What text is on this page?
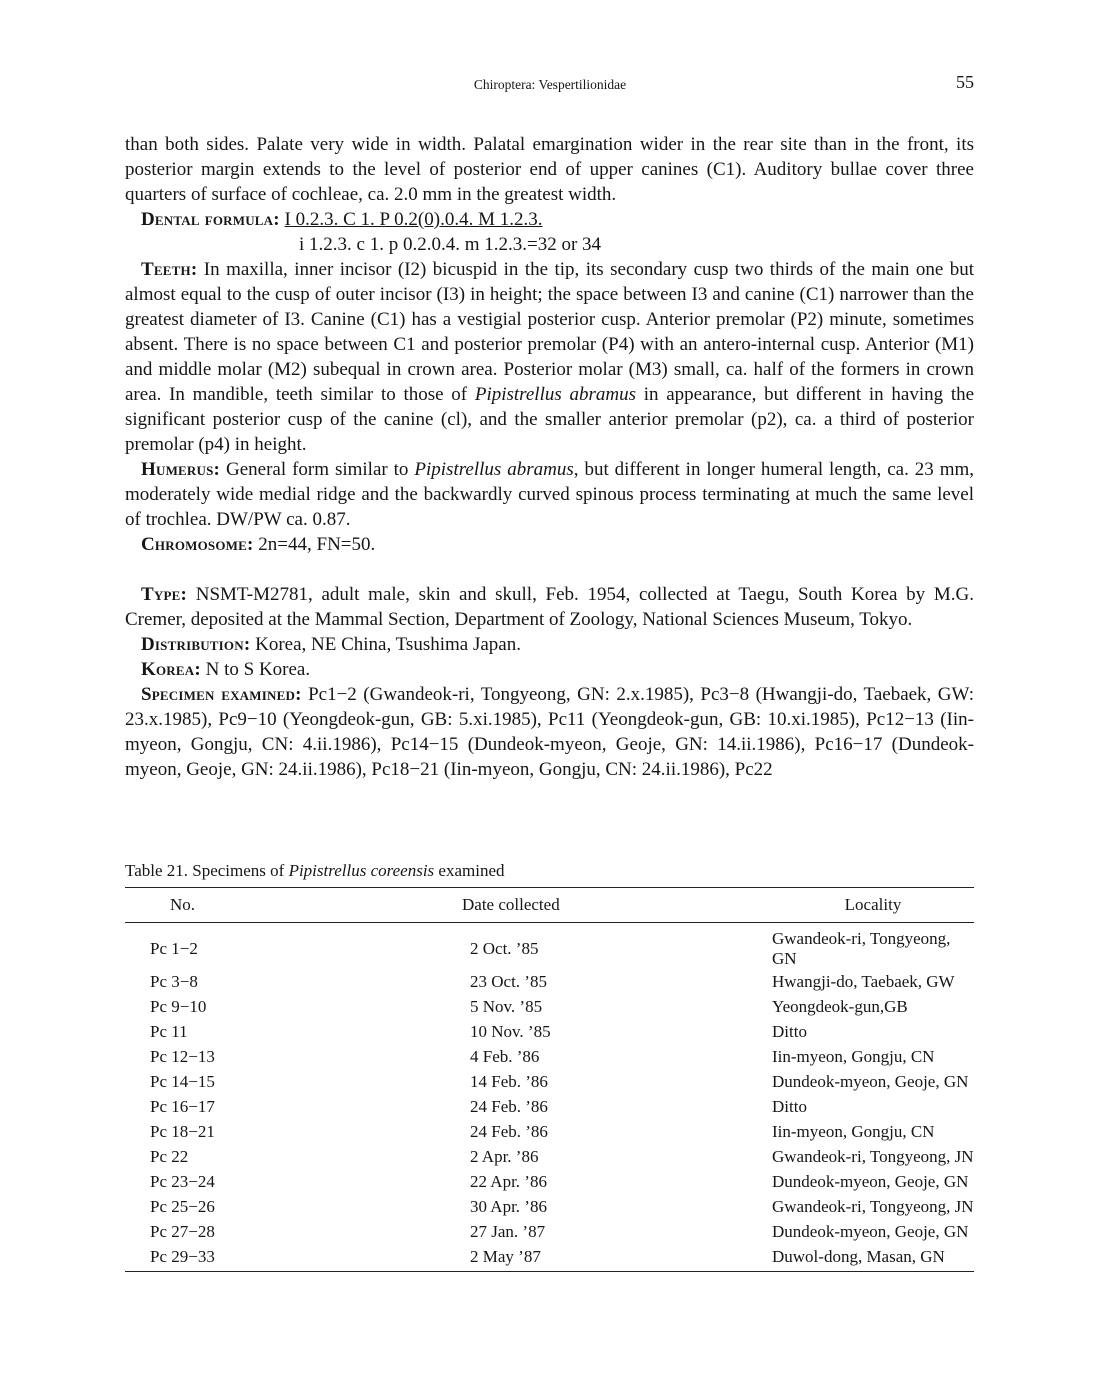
Chiroptera: Vespertilionidae	55

than both sides. Palate very wide in width. Palatal emargination wider in the rear site than in the front, its posterior margin extends to the level of posterior end of upper canines (C1). Auditory bullae cover three quarters of surface of cochleae, ca. 2.0 mm in the greatest width.

Dental formula: I 0.2.3. C 1. P 0.2(0).0.4. M 1.2.3.

i 1.2.3. c 1. p 0.2.0.4. m 1.2.3.=32 or 34

Teeth: In maxilla, inner incisor (I2) bicuspid in the tip, its secondary cusp two thirds of the main one but almost equal to the cusp of outer incisor (I3) in height; the space between I3 and canine (C1) narrower than the greatest diameter of I3. Canine (C1) has a vestigial posterior cusp. Anterior premolar (P2) minute, sometimes absent. There is no space between C1 and posterior premolar (P4) with an antero-internal cusp. Anterior (M1) and middle molar (M2) subequal in crown area. Posterior molar (M3) small, ca. half of the formers in crown area. In mandible, teeth similar to those of Pipistrellus abramus in appearance, but different in having the significant posterior cusp of the canine (cl), and the smaller anterior premolar (p2), ca. a third of posterior premolar (p4) in height.

Humerus: General form similar to Pipistrellus abramus, but different in longer humeral length, ca. 23 mm, moderately wide medial ridge and the backwardly curved spinous process terminating at much the same level of trochlea. DW/PW ca. 0.87.

Chromosome: 2n=44, FN=50.

Type: NSMT-M2781, adult male, skin and skull, Feb. 1954, collected at Taegu, South Korea by M.G. Cremer, deposited at the Mammal Section, Department of Zoology, National Sciences Museum, Tokyo.

Distribution: Korea, NE China, Tsushima Japan.

Korea: N to S Korea.

Specimen examined: Pc1−2 (Gwandeok-ri, Tongyeong, GN: 2.x.1985), Pc3−8 (Hwangji-do, Taebaek, GW: 23.x.1985), Pc9−10 (Yeongdeok-gun, GB: 5.xi.1985), Pc11 (Yeongdeok-gun, GB: 10.xi.1985), Pc12−13 (Iin-myeon, Gongju, CN: 4.ii.1986), Pc14−15 (Dundeok-myeon, Geoje, GN: 14.ii.1986), Pc16−17 (Dundeok-myeon, Geoje, GN: 24.ii.1986), Pc18−21 (Iin-myeon, Gongju, CN: 24.ii.1986), Pc22

Table 21. Specimens of Pipistrellus coreensis examined
No.	Date collected	Locality
Pc 1−2	2 Oct. ’85	Gwandeok-ri, Tongyeong, GN
Pc 3−8	23 Oct. ’85	Hwangji-do, Taebaek, GW
Pc 9−10	5 Nov. ’85	Yeongdeok-gun,GB
Pc 11	10 Nov. ’85	Ditto
Pc 12−13	4 Feb. ’86	Iin-myeon, Gongju, CN
Pc 14−15	14 Feb. ’86	Dundeok-myeon, Geoje, GN
Pc 16−17	24 Feb. ’86	Ditto
Pc 18−21	24 Feb. ’86	Iin-myeon, Gongju, CN
Pc 22	2 Apr. ’86	Gwandeok-ri, Tongyeong, JN
Pc 23−24	22 Apr. ’86	Dundeok-myeon, Geoje, GN
Pc 25−26	30 Apr. ’86	Gwandeok-ri, Tongyeong, JN
Pc 27−28	27 Jan. ’87	Dundeok-myeon, Geoje, GN
Pc 29−33	2 May ’87	Duwol-dong, Masan, GN
